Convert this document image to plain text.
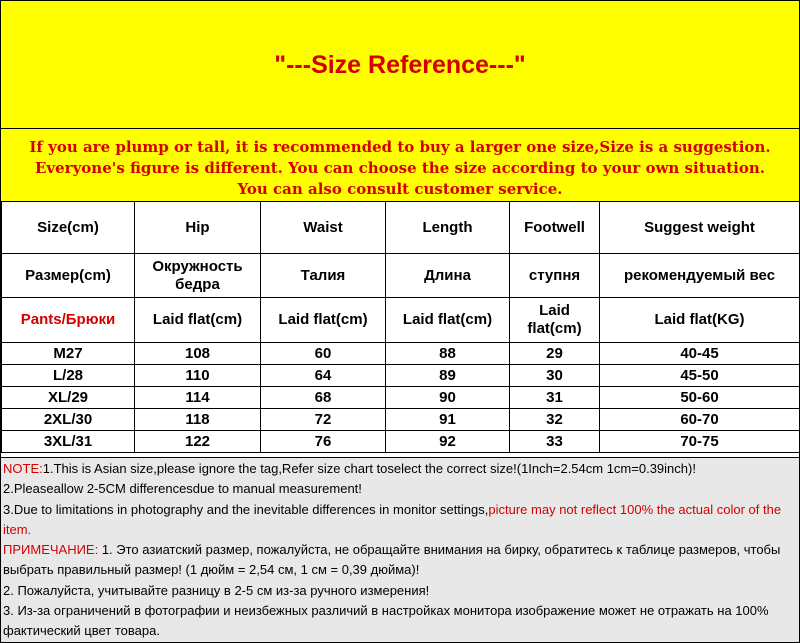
"---Size Reference---"
If you are plump or tall, it is recommended to buy a larger one size,Size is a suggestion.
Everyone's figure is different. You can choose the size according to your own situation.
You can also consult customer service.
Size(cm)	Hip	Waist	Length	Footwell	Suggest weight
Размер(cm)	Окружность бедра	Талия	Длина	ступня	рекомендуемый вес
Pants/Брюки	Laid flat(cm)	Laid flat(cm)	Laid flat(cm)	Laid flat(cm)	Laid flat(KG)
M27	108	60	88	29	40-45
L/28	110	64	89	30	45-50
XL/29	114	68	90	31	50-60
2XL/30	118	72	91	32	60-70
3XL/31	122	76	92	33	70-75

NOTE:1.This is Asian size,please ignore the tag,Refer size chart toselect the correct size!(1Inch=2.54cm 1cm=0.39inch)!

2.Pleaseallow 2-5CM differencesdue to manual measurement!

3.Due to limitations in photography and the inevitable differences in monitor settings,picture may not reflect 100% the actual color of the item.

ПРИМЕЧАНИЕ: 1. Это азиатский размер, пожалуйста, не обращайте внимания на бирку, обратитесь к таблице размеров, чтобы выбрать правильный размер! (1 дюйм = 2,54 см, 1 см = 0,39 дюйма)!

2. Пожалуйста, учитывайте разницу в 2-5 см из-за ручного измерения!

3. Из-за ограничений в фотографии и неизбежных различий в настройках монитора изображение может не отражать на 100% фактический цвет товара.
